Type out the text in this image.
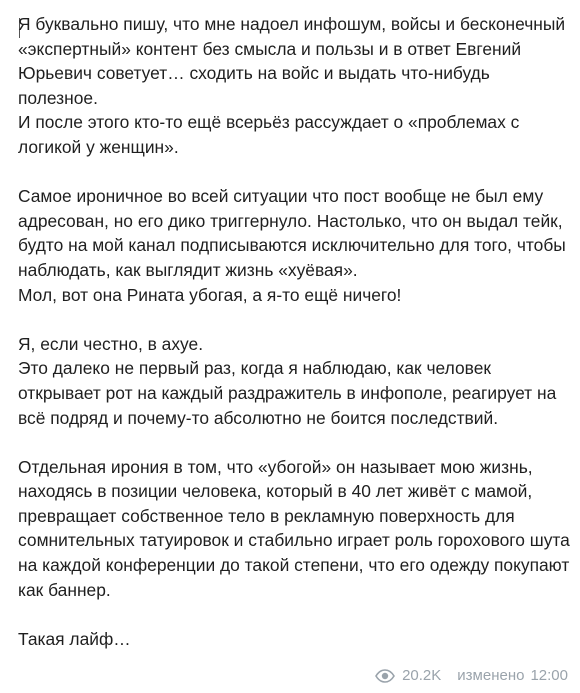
Я буквально пишу, что мне надоел инфошум, войсы и бесконечный «экспертный» контент без смысла и пользы и в ответ Евгений Юрьевич советует… сходить на войс и выдать что-нибудь полезное.
И после этого кто-то ещё всерьёз рассуждает о «проблемах с логикой у женщин».

Самое ироничное во всей ситуации что пост вообще не был ему адресован, но его дико триггернуло. Настолько, что он выдал тейк, будто на мой канал подписываются исключительно для того, чтобы наблюдать, как выглядит жизнь «хуёвая».
Мол, вот она Рината убогая, а я-то ещё ничего!

Я, если честно, в ахуе.
Это далеко не первый раз, когда я наблюдаю, как человек открывает рот на каждый раздражитель в инфополе, реагирует на всё подряд и почему-то абсолютно не боится последствий.

Отдельная ирония в том, что «убогой» он называет мою жизнь, находясь в позиции человека, который в 40 лет живёт с мамой, превращает собственное тело в рекламную поверхность для сомнительных татуировок и стабильно играет роль горохового шута на каждой конференции до такой степени, что его одежду покупают как баннер.

Такая лайф…

20.2K изменено 12:00
